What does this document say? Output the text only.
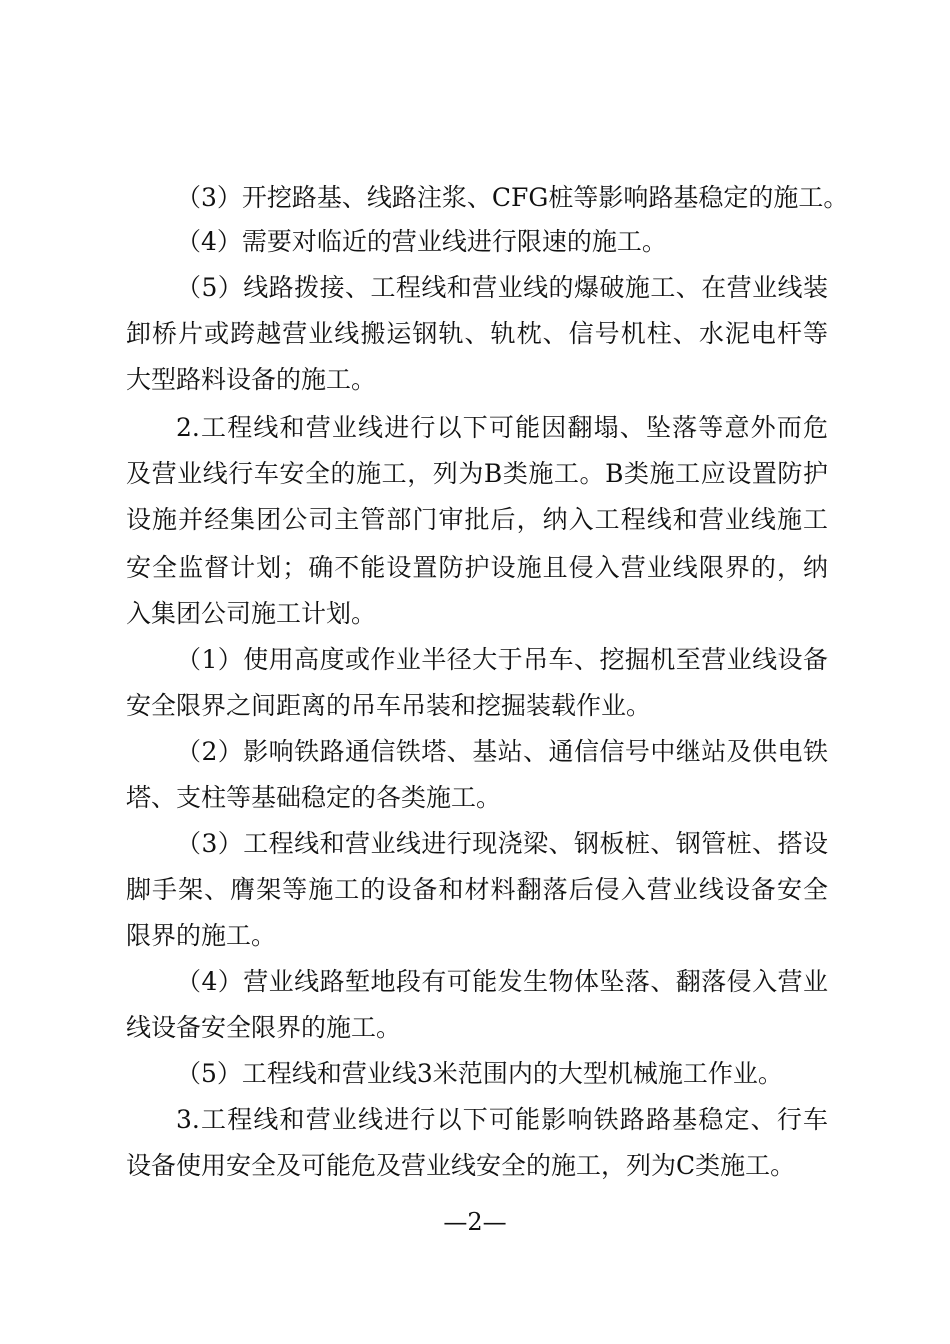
（3）开挖路基、线路注浆、CFG桩等影响路基稳定的施工。
（4）需要对临近的营业线进行限速的施工。
（5）线路拨接、工程线和营业线的爆破施工、在营业线装
卸桥片或跨越营业线搬运钢轨、轨枕、信号机柱、水泥电杆等
大型路料设备的施工。
2.工程线和营业线进行以下可能因翻塌、坠落等意外而危
及营业线行车安全的施工，列为B类施工。B类施工应设置防护
设施并经集团公司主管部门审批后，纳入工程线和营业线施工
安全监督计划；确不能设置防护设施且侵入营业线限界的，纳
入集团公司施工计划。
（1）使用高度或作业半径大于吊车、挖掘机至营业线设备
安全限界之间距离的吊车吊装和挖掘装载作业。
（2）影响铁路通信铁塔、基站、通信信号中继站及供电铁
塔、支柱等基础稳定的各类施工。
（3）工程线和营业线进行现浇梁、钢板桩、钢管桩、搭设
脚手架、膺架等施工的设备和材料翻落后侵入营业线设备安全
限界的施工。
（4）营业线路堑地段有可能发生物体坠落、翻落侵入营业
线设备安全限界的施工。
（5）工程线和营业线3米范围内的大型机械施工作业。
3.工程线和营业线进行以下可能影响铁路路基稳定、行车
设备使用安全及可能危及营业线安全的施工，列为C类施工。
—2—
